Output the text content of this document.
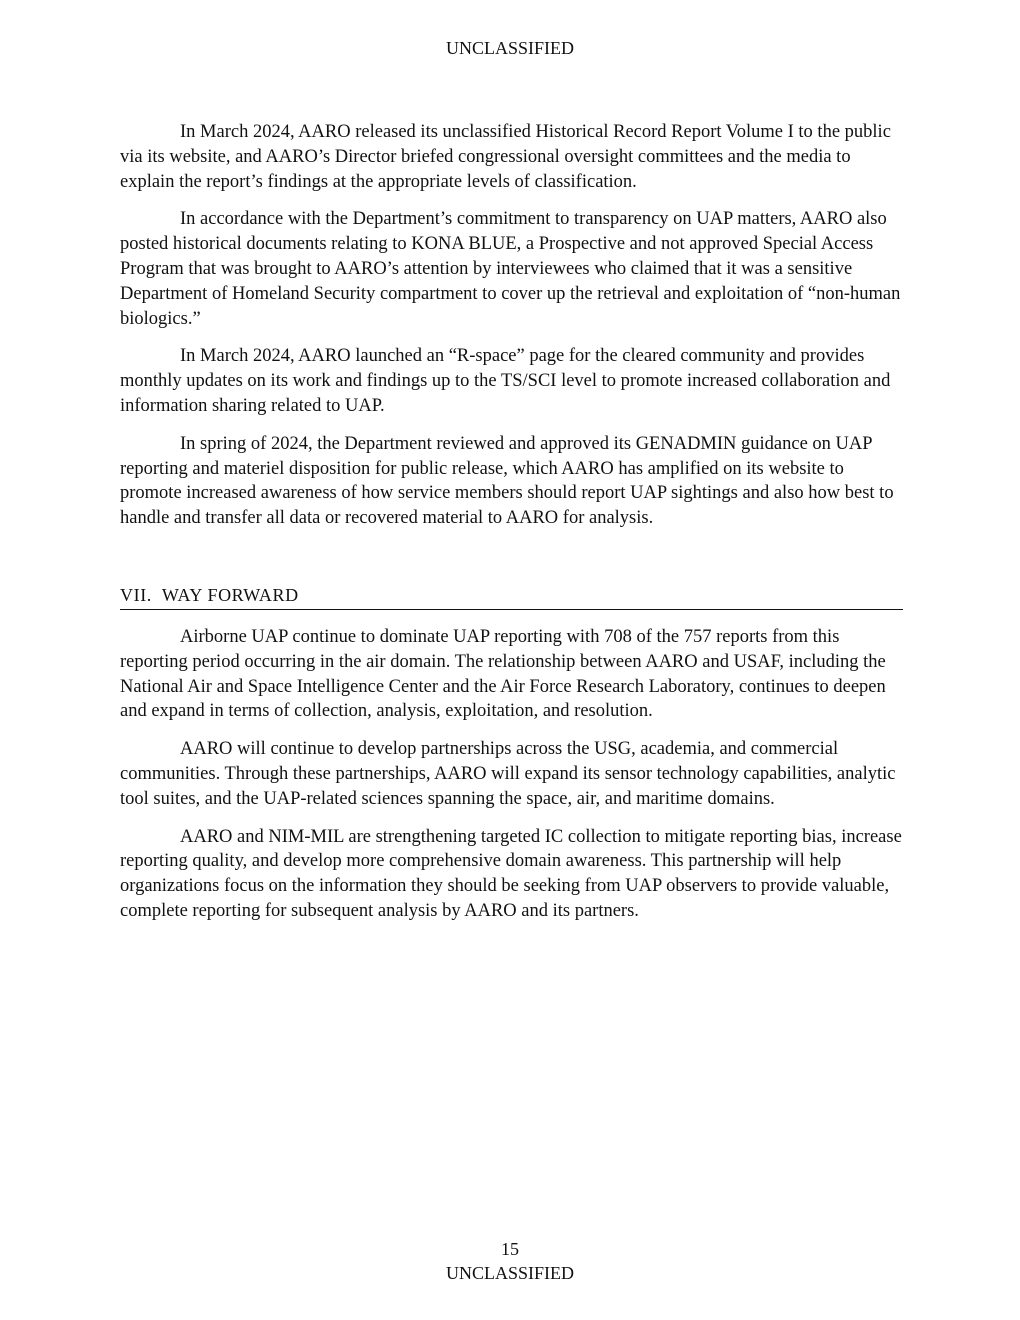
UNCLASSIFIED

In March 2024, AARO released its unclassified Historical Record Report Volume I to the public via its website, and AARO’s Director briefed congressional oversight committees and the media to explain the report’s findings at the appropriate levels of classification.

In accordance with the Department’s commitment to transparency on UAP matters, AARO also posted historical documents relating to KONA BLUE, a Prospective and not approved Special Access Program that was brought to AARO’s attention by interviewees who claimed that it was a sensitive Department of Homeland Security compartment to cover up the retrieval and exploitation of “non-human biologics.”

In March 2024, AARO launched an “R-space” page for the cleared community and provides monthly updates on its work and findings up to the TS/SCI level to promote increased collaboration and information sharing related to UAP.

In spring of 2024, the Department reviewed and approved its GENADMIN guidance on UAP reporting and materiel disposition for public release, which AARO has amplified on its website to promote increased awareness of how service members should report UAP sightings and also how best to handle and transfer all data or recovered material to AARO for analysis.

VII. WAY FORWARD

Airborne UAP continue to dominate UAP reporting with 708 of the 757 reports from this reporting period occurring in the air domain. The relationship between AARO and USAF, including the National Air and Space Intelligence Center and the Air Force Research Laboratory, continues to deepen and expand in terms of collection, analysis, exploitation, and resolution.

AARO will continue to develop partnerships across the USG, academia, and commercial communities. Through these partnerships, AARO will expand its sensor technology capabilities, analytic tool suites, and the UAP-related sciences spanning the space, air, and maritime domains.

AARO and NIM-MIL are strengthening targeted IC collection to mitigate reporting bias, increase reporting quality, and develop more comprehensive domain awareness. This partnership will help organizations focus on the information they should be seeking from UAP observers to provide valuable, complete reporting for subsequent analysis by AARO and its partners.

15
UNCLASSIFIED
